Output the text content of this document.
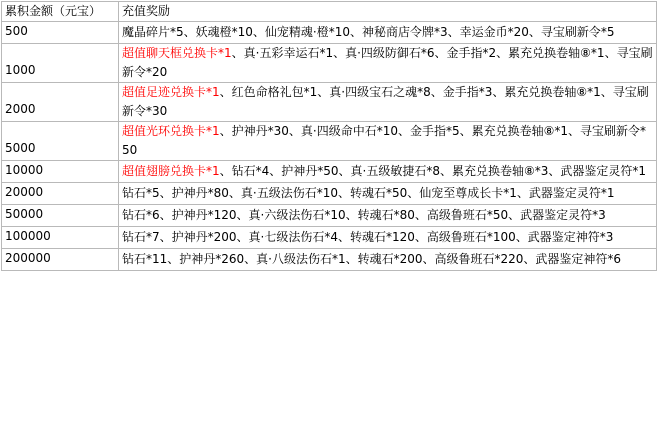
累积金额（元宝）	充值奖励
500	魔晶碎片*5、妖魂橙*10、仙宠精魂·橙*10、神秘商店令牌*3、幸运金币*20、寻宝刷新令*5
1000	超值聊天框兑换卡*1、真·五彩幸运石*1、真·四级防御石*6、金手指*2、累充兑换卷轴⑧*1、寻宝刷新令*20
2000	超值足迹兑换卡*1、红色命格礼包*1、真·四级宝石之魂*8、金手指*3、累充兑换卷轴⑧*1、寻宝刷新令*30
5000	超值光环兑换卡*1、护神丹*30、真·四级命中石*10、金手指*5、累充兑换卷轴⑧*1、寻宝刷新令*50
10000	超值翅膀兑换卡*1、钻石*4、护神丹*50、真·五级敏捷石*8、累充兑换卷轴⑧*3、武器鉴定灵符*1
20000	钻石*5、护神丹*80、真·五级法伤石*10、转魂石*50、仙宠至尊成长卡*1、武器鉴定灵符*1
50000	钻石*6、护神丹*120、真·六级法伤石*10、转魂石*80、高级鲁班石*50、武器鉴定灵符*3
100000	钻石*7、护神丹*200、真·七级法伤石*4、转魂石*120、高级鲁班石*100、武器鉴定神符*3
200000	钻石*11、护神丹*260、真·八级法伤石*1、转魂石*200、高级鲁班石*220、武器鉴定神符*6
